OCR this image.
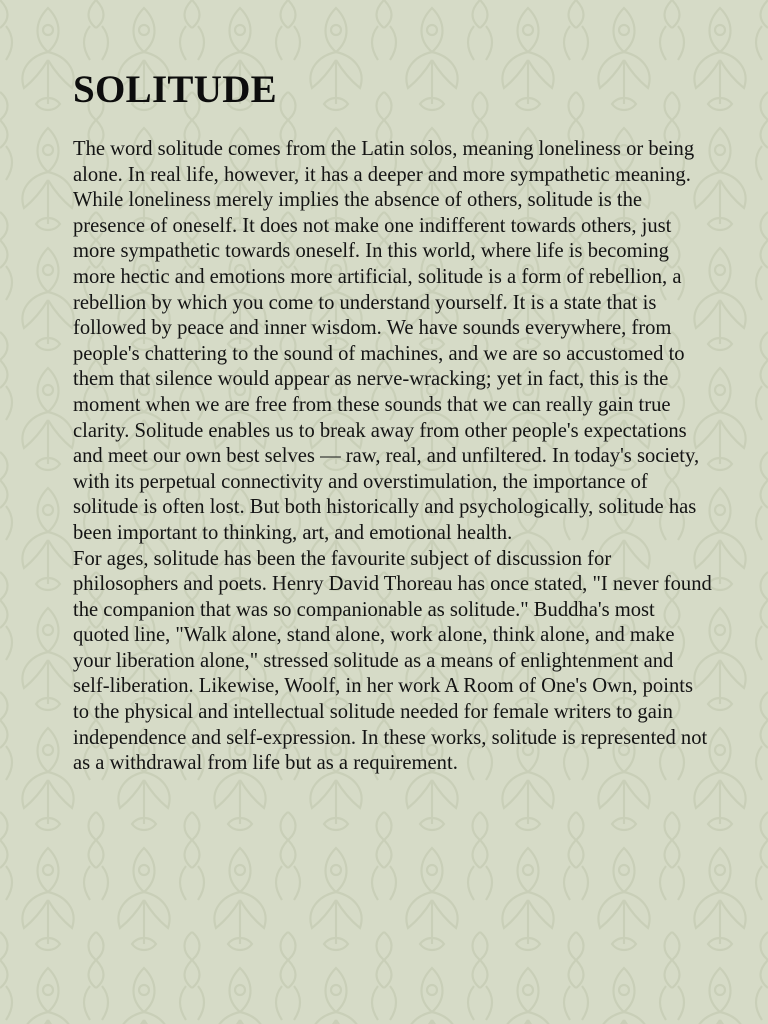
SOLITUDE

The word solitude comes from the Latin solos, meaning loneliness or being alone. In real life, however, it has a deeper and more sympathetic meaning. While loneliness merely implies the absence of others, solitude is the presence of oneself. It does not make one indifferent towards others, just more sympathetic towards oneself. In this world, where life is becoming more hectic and emotions more artificial, solitude is a form of rebellion, a rebellion by which you come to understand yourself. It is a state that is followed by peace and inner wisdom. We have sounds everywhere, from people's chattering to the sound of machines, and we are so accustomed to them that silence would appear as nerve-wracking; yet in fact, this is the moment when we are free from these sounds that we can really gain true clarity. Solitude enables us to break away from other people's expectations and meet our own best selves — raw, real, and unfiltered. In today's society, with its perpetual connectivity and overstimulation, the importance of solitude is often lost. But both historically and psychologically, solitude has been important to thinking, art, and emotional health.

For ages, solitude has been the favourite subject of discussion for philosophers and poets. Henry David Thoreau has once stated, "I never found the companion that was so companionable as solitude." Buddha's most quoted line, "Walk alone, stand alone, work alone, think alone, and make your liberation alone," stressed solitude as a means of enlightenment and self-liberation. Likewise, Woolf, in her work A Room of One's Own, points to the physical and intellectual solitude needed for female writers to gain independence and self-expression. In these works, solitude is represented not as a withdrawal from life but as a requirement.
